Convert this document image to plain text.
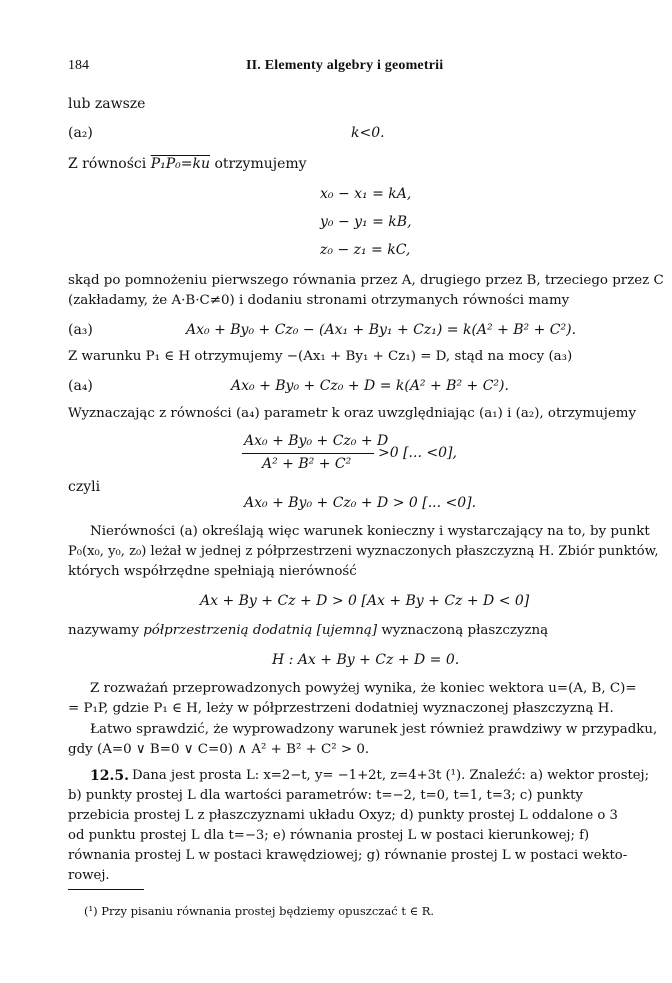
184	II. Elementy algebry i geometrii
lub zawsze
(a₂)	k<0.
Z równości P₁P₀=ku otrzymujemy
x₀ − x₁ = kA,
y₀ − y₁ = kB,
z₀ − z₁ = kC,
skąd po pomnożeniu pierwszego równania przez A, drugiego przez B, trzeciego przez C
(zakładamy, że A·B·C≠0) i dodaniu stronami otrzymanych równości mamy
(a₃)	Ax₀ + By₀ + Cz₀ − (Ax₁ + By₁ + Cz₁) = k(A² + B² + C²).
Z warunku P₁ ∈ H otrzymujemy −(Ax₁ + By₁ + Cz₁) = D, stąd na mocy (a₃)
(a₄)	Ax₀ + By₀ + Cz₀ + D = k(A² + B² + C²).
Wyznaczając z równości (a₄) parametr k oraz uwzględniając (a₁) i (a₂), otrzymujemy
Ax₀ + By₀ + Cz₀ + D
A² + B² + C²
>0 [... <0],
czyli
Ax₀ + By₀ + Cz₀ + D > 0 [... <0].
Nierówności (a) określają więc warunek konieczny i wystarczający na to, by punkt
P₀(x₀, y₀, z₀) leżał w jednej z półprzestrzeni wyznaczonych płaszczyzną H. Zbiór punktów,
których współrzędne spełniają nierówność
Ax + By + Cz + D > 0 [Ax + By + Cz + D < 0]
nazywamy półprzestrzenią dodatnią [ujemną] wyznaczoną płaszczyzną
H : Ax + By + Cz + D = 0.
Z rozważań przeprowadzonych powyżej wynika, że koniec wektora u=(A, B, C)=
= P₁P, gdzie P₁ ∈ H, leży w półprzestrzeni dodatniej wyznaczonej płaszczyzną H.
Łatwo sprawdzić, że wyprowadzony warunek jest również prawdziwy w przypadku,
gdy (A=0 ∨ B=0 ∨ C=0) ∧ A² + B² + C² > 0.
12.5. Dana jest prosta L: x=2−t, y= −1+2t, z=4+3t (¹). Znaleźć: a) wektor prostej;
b) punkty prostej L dla wartości parametrów: t=−2, t=0, t=1, t=3; c) punkty
przebicia prostej L z płaszczyznami układu Oxyz; d) punkty prostej L oddalone o 3
od punktu prostej L dla t=−3; e) równania prostej L w postaci kierunkowej; f)
równania prostej L w postaci krawędziowej; g) równanie prostej L w postaci wekto-
rowej.
(¹) Przy pisaniu równania prostej będziemy opuszczać t ∈ R.
